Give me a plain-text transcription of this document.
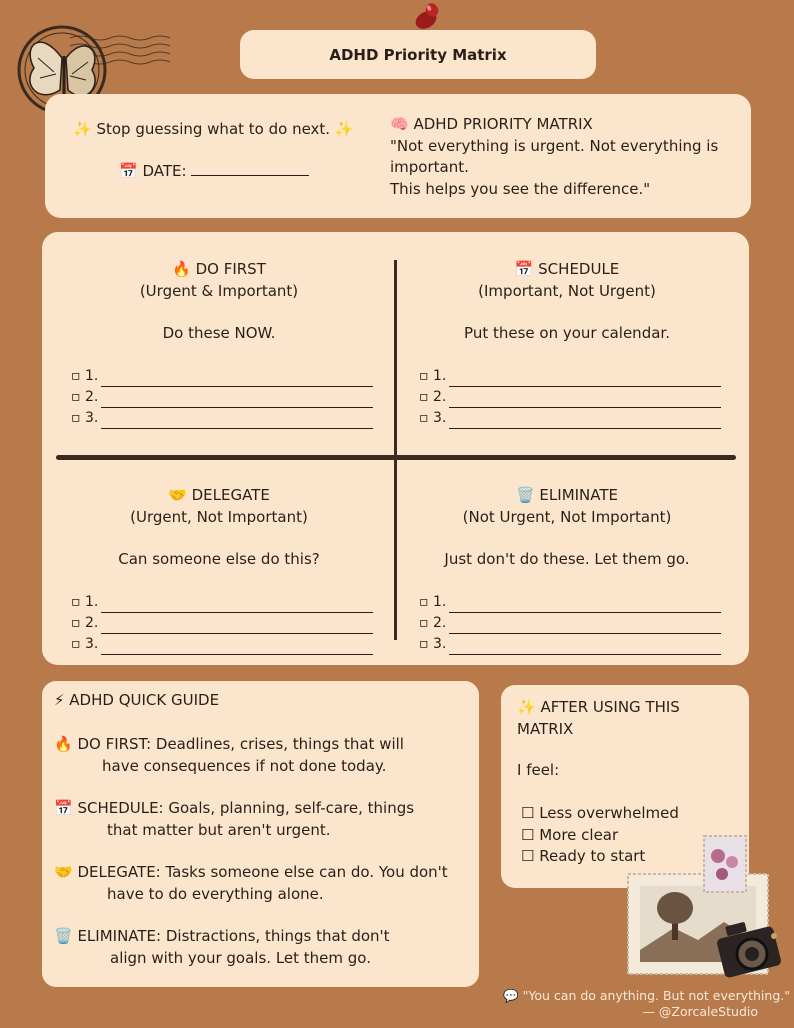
ADHD Priority Matrix
✨ Stop guessing what to do next. ✨
📅 DATE:
🧠 ADHD PRIORITY MATRIX
"Not everything is urgent. Not everything is
important.
This helps you see the difference."
🔥 DO FIRST
(Urgent & Important)
Do these NOW.
▫ 1.
▫ 2.
▫ 3.
📅 SCHEDULE
(Important, Not Urgent)
Put these on your calendar.
▫ 1.
▫ 2.
▫ 3.
🤝 DELEGATE
(Urgent, Not Important)
Can someone else do this?
▫ 1.
▫ 2.
▫ 3.
🗑️ ELIMINATE
(Not Urgent, Not Important)
Just don't do these. Let them go.
▫ 1.
▫ 2.
▫ 3.
⚡ ADHD QUICK GUIDE
🔥 DO FIRST: Deadlines, crises, things that will
have consequences if not done today.
📅 SCHEDULE: Goals, planning, self-care, things
that matter but aren't urgent.
🤝 DELEGATE: Tasks someone else can do. You don't
have to do everything alone.
🗑️ ELIMINATE: Distractions, things that don't
align with your goals. Let them go.
✨ AFTER USING THIS MATRIX
I feel:
☐ Less overwhelmed
☐ More clear
☐ Ready to start
💬 "You can do anything. But not everything."
— @ZorcaleStudio
